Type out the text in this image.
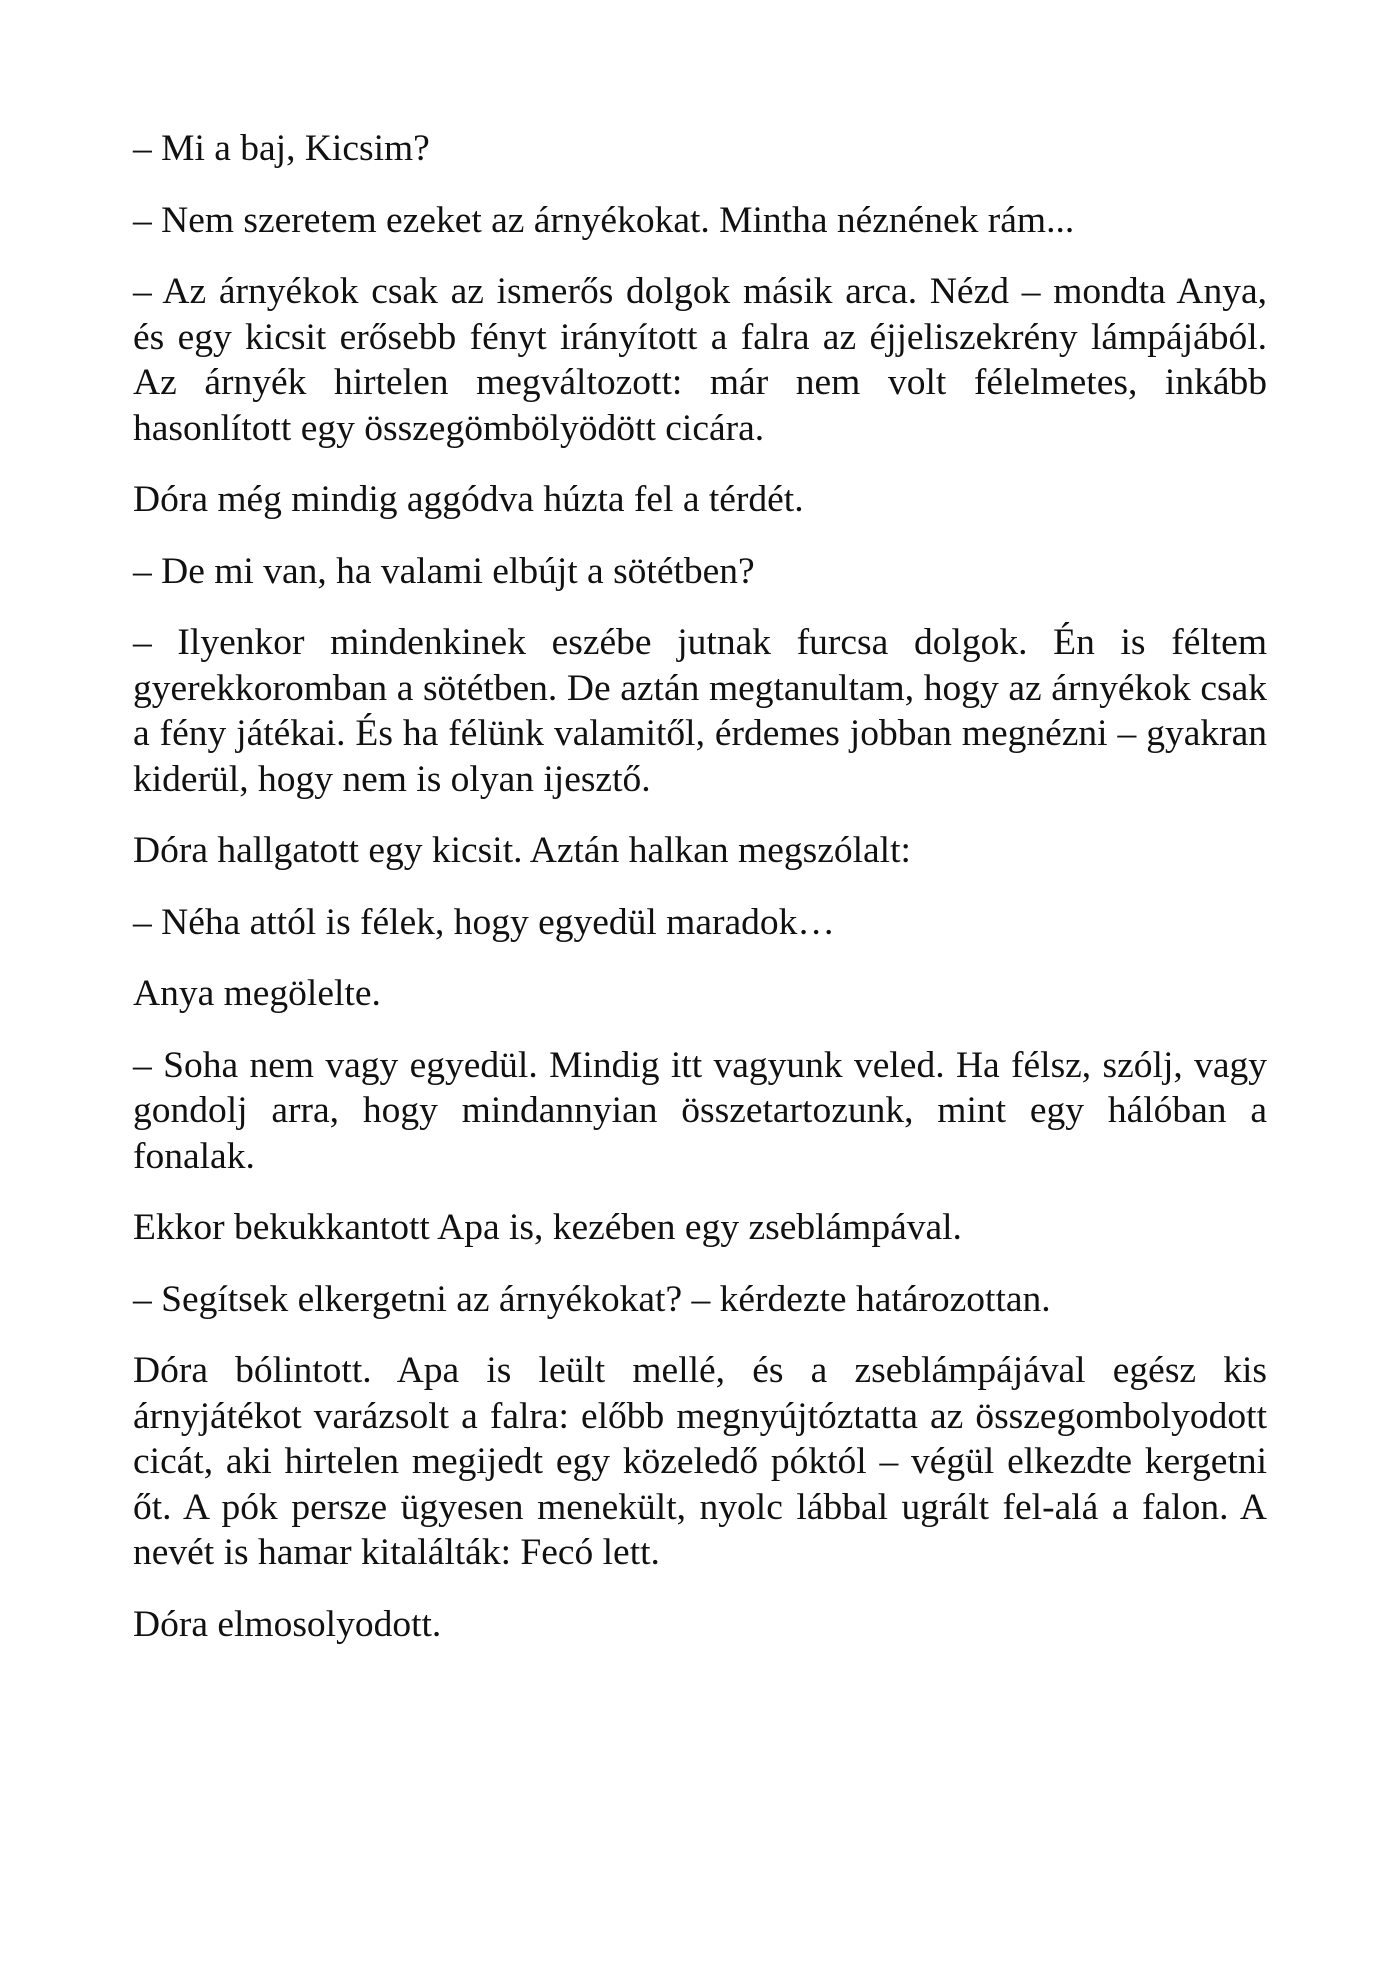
– Mi a baj, Kicsim?

– Nem szeretem ezeket az árnyékokat. Mintha néznének rám...

– Az árnyékok csak az ismerős dolgok másik arca. Nézd – mondta Anya, és egy kicsit erősebb fényt irányított a falra az éjjeliszekrény lámpájából. Az árnyék hirtelen megváltozott: már nem volt félelmetes, inkább hasonlított egy összegömbölyödött cicára.

Dóra még mindig aggódva húzta fel a térdét.

– De mi van, ha valami elbújt a sötétben?

– Ilyenkor mindenkinek eszébe jutnak furcsa dolgok. Én is féltem gyerekkoromban a sötétben. De aztán megtanultam, hogy az árnyékok csak a fény játékai. És ha félünk valamitől, érdemes jobban megnézni – gyakran kiderül, hogy nem is olyan ijesztő.

Dóra hallgatott egy kicsit. Aztán halkan megszólalt:

– Néha attól is félek, hogy egyedül maradok…

Anya megölelte.

– Soha nem vagy egyedül. Mindig itt vagyunk veled. Ha félsz, szólj, vagy gondolj arra, hogy mindannyian összetartozunk, mint egy hálóban a fonalak.

Ekkor bekukkantott Apa is, kezében egy zseblámpával.

– Segítsek elkergetni az árnyékokat? – kérdezte határozottan.

Dóra bólintott. Apa is leült mellé, és a zseblámpájával egész kis árnyjátékot varázsolt a falra: előbb megnyújtóztatta az összegombolyodott cicát, aki hirtelen megijedt egy közeledő póktól – végül elkezdte kergetni őt. A pók persze ügyesen menekült, nyolc lábbal ugrált fel-alá a falon. A nevét is hamar kitalálták: Fecó lett.

Dóra elmosolyodott.
